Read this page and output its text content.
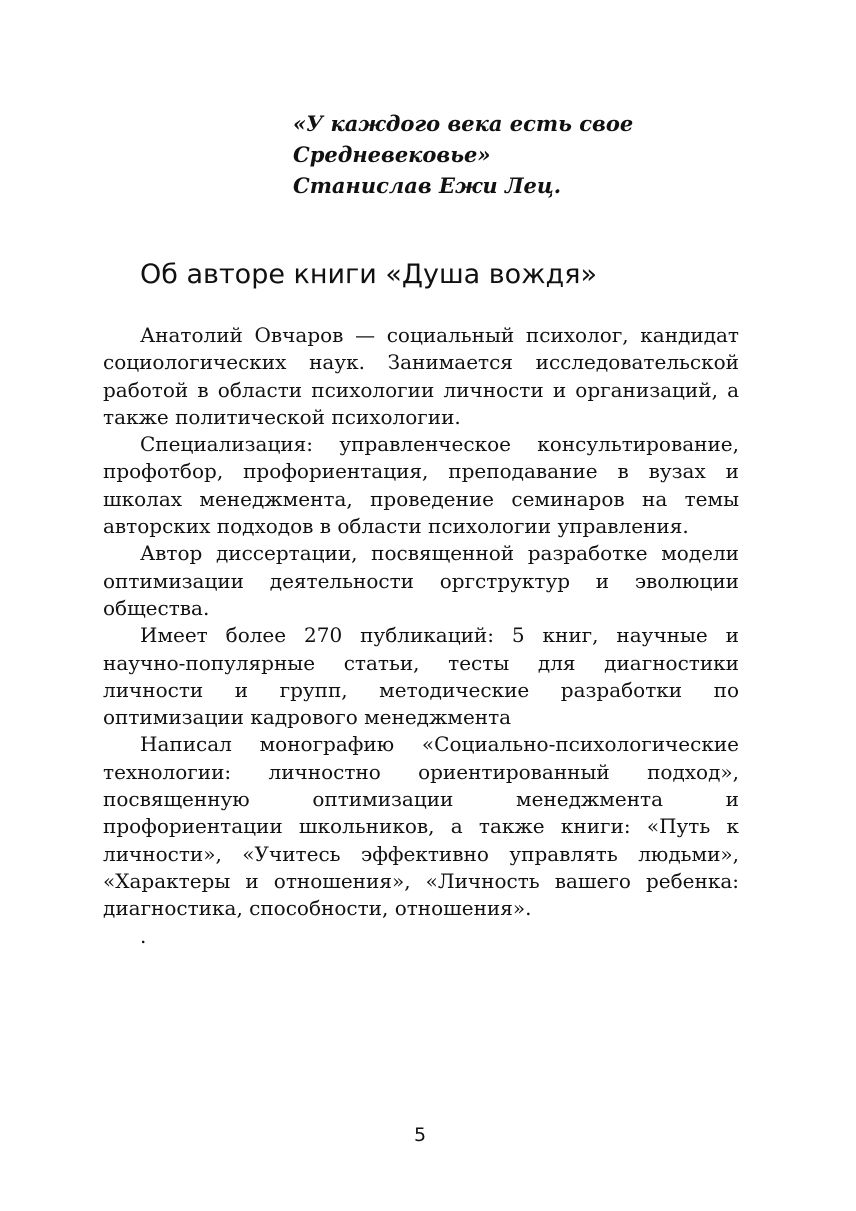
«У каждого века есть свое
Средневековье»
Станислав Ежи Лец.
Об авторе книги «Душа вождя»

Анатолий Овчаров — социальный психолог, кандидат социологических наук. Занимается исследовательской работой в области психологии личности и организаций, а также политической психологии.

Специализация: управленческое консультирование, профотбор, профориентация, преподавание в вузах и школах менеджмента, проведение семинаров на темы авторских подходов в области психологии управления.

Автор диссертации, посвященной разработке модели оптимизации деятельности оргструктур и эволюции общества.

Имеет более 270 публикаций: 5 книг, научные и научно-популярные статьи, тесты для диагностики личности и групп, методические разработки по оптимизации кадрового менеджмента

Написал монографию «Социально-психологические технологии: личностно ориентированный подход», посвященную оптимизации менеджмента и профориентации школьников, а также книги: «Путь к личности», «Учитесь эффективно управлять людьми», «Характеры и отношения», «Личность вашего ребенка: диагностика, способности, отношения».

.

5
